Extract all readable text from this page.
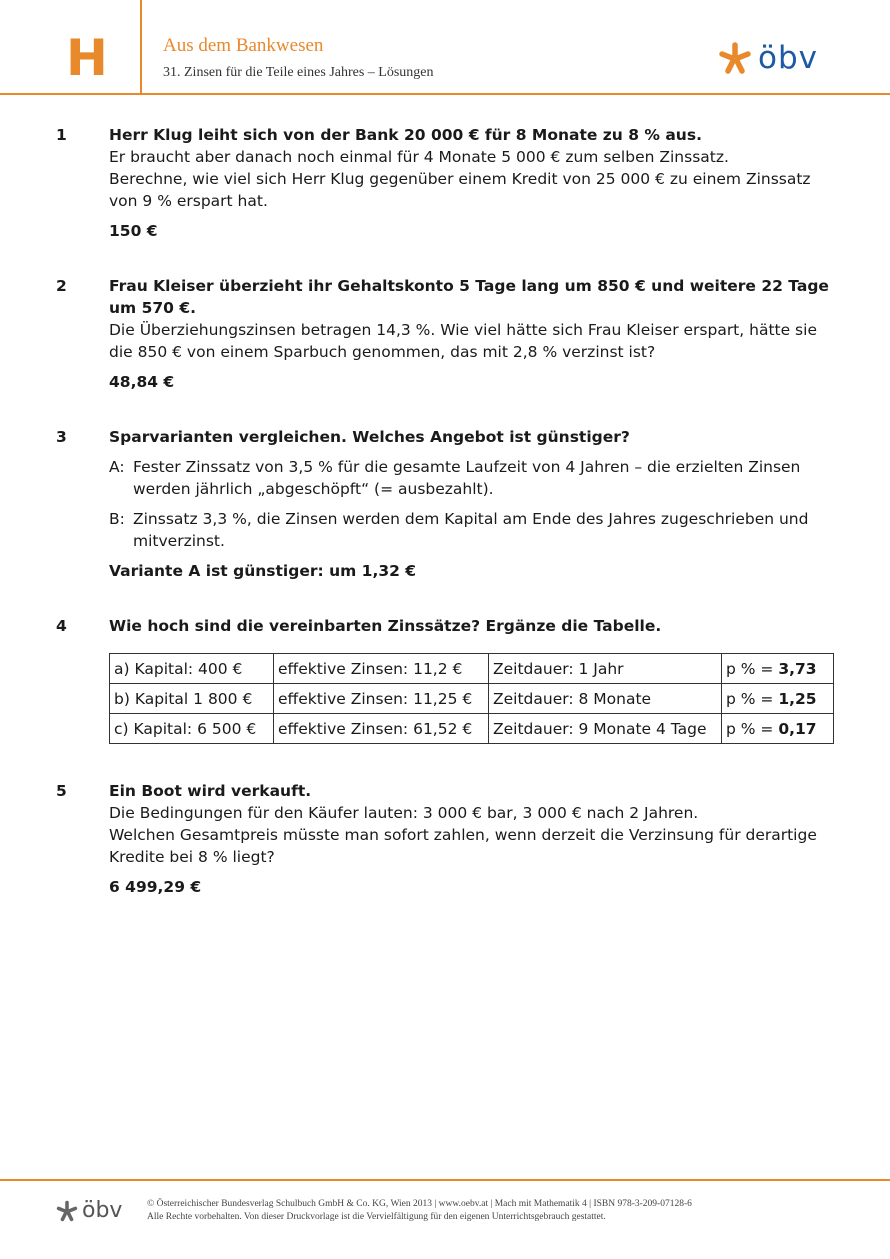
H	Aus dem Bankwesen
31. Zinsen für die Teile eines Jahres – Lösungen	öbv
1	Herr Klug leiht sich von der Bank 20 000 € für 8 Monate zu 8 % aus.

Er braucht aber danach noch einmal für 4 Monate 5 000 € zum selben Zinssatz.

Berechne, wie viel sich Herr Klug gegenüber einem Kredit von 25 000 € zu einem Zinssatz von 9 % erspart hat.

150 €

2	Frau Kleiser überzieht ihr Gehaltskonto 5 Tage lang um 850 € und weitere 22 Tage um 570 €.

Die Überziehungszinsen betragen 14,3 %. Wie viel hätte sich Frau Kleiser erspart, hätte sie die 850 € von einem Sparbuch genommen, das mit 2,8 % verzinst ist?

48,84 €

3	Sparvarianten vergleichen. Welches Angebot ist günstiger?

A: Fester Zinssatz von 3,5 % für die gesamte Laufzeit von 4 Jahren – die erzielten Zinsen werden jährlich „abgeschöpft“ (= ausbezahlt).
B: Zinssatz 3,3 %, die Zinsen werden dem Kapital am Ende des Jahres zugeschrieben und mitverzinst.

Variante A ist günstiger: um 1,32 €

4	Wie hoch sind die vereinbarten Zinssätze? Ergänze die Tabelle.

a) Kapital: 400 €	effektive Zinsen: 11,2 €	Zeitdauer: 1 Jahr	p % = 3,73
b) Kapital 1 800 €	effektive Zinsen: 11,25 €	Zeitdauer: 8 Monate	p % = 1,25
c) Kapital: 6 500 €	effektive Zinsen: 61,52 €	Zeitdauer: 9 Monate 4 Tage	p % = 0,17
5	Ein Boot wird verkauft.

Die Bedingungen für den Käufer lauten: 3 000 € bar, 3 000 € nach 2 Jahren.

Welchen Gesamtpreis müsste man sofort zahlen, wenn derzeit die Verzinsung für derartige Kredite bei 8 % liegt?

6 499,29 €

öbv	© Österreichischer Bundesverlag Schulbuch GmbH & Co. KG, Wien 2013 | www.oebv.at | Mach mit Mathematik 4 | ISBN 978-3-209-07128-6
Alle Rechte vorbehalten. Von dieser Druckvorlage ist die Vervielfältigung für den eigenen Unterrichtsgebrauch gestattet.
